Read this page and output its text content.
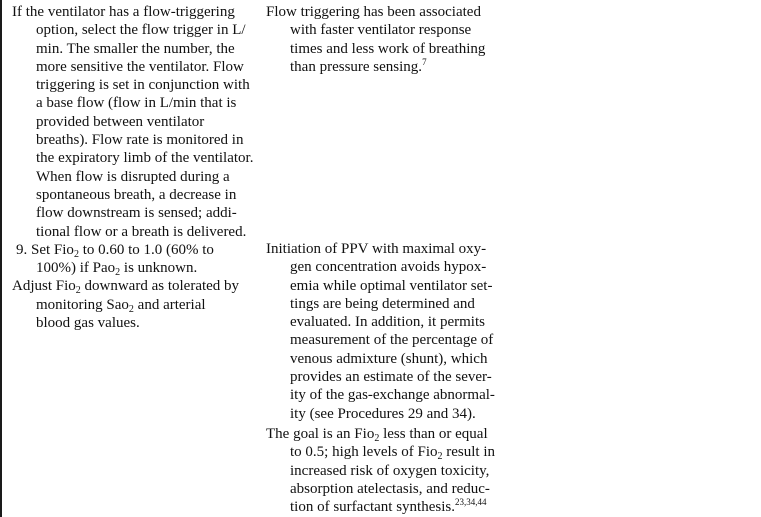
If the ventilator has a flow-triggering
option, select the flow trigger in L/
min. The smaller the number, the
more sensitive the ventilator. Flow
triggering is set in conjunction with
a base flow (flow in L/min that is
provided between ventilator
breaths). Flow rate is monitored in
the expiratory limb of the ventilator.
When flow is disrupted during a
spontaneous breath, a decrease in
flow downstream is sensed; addi-
tional flow or a breath is delivered.
9. Set Fio$_2$ to 0.60 to 1.0 (60% to
100%) if Pao$_2$ is unknown.
Adjust Fio$_2$ downward as tolerated by
monitoring Sao$_2$ and arterial
blood gas values.
Flow triggering has been associated
with faster ventilator response
times and less work of breathing
than pressure sensing.$^7$
Initiation of PPV with maximal oxy-
gen concentration avoids hypox-
emia while optimal ventilator set-
tings are being determined and
evaluated. In addition, it permits
measurement of the percentage of
venous admixture (shunt), which
provides an estimate of the sever-
ity of the gas-exchange abnormal-
ity (see Procedures 29 and 34).
The goal is an Fio$_2$ less than or equal
to 0.5; high levels of Fio$_2$ result in
increased risk of oxygen toxicity,
absorption atelectasis, and reduc-
tion of surfactant synthesis.$^{23,34,44}$
